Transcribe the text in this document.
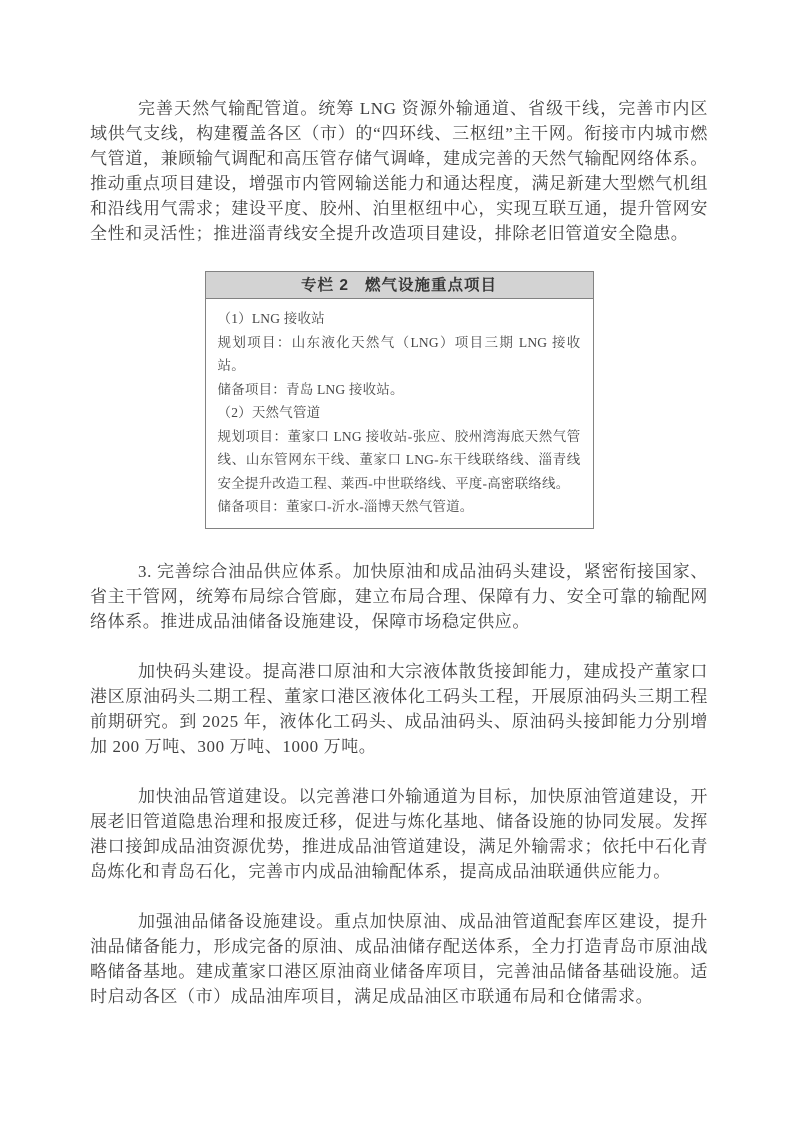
完善天然气输配管道。统筹 LNG 资源外输通道、省级干线，完善市内区域供气支线，构建覆盖各区（市）的“四环线、三枢纽”主干网。衔接市内城市燃气管道，兼顾输气调配和高压管存储气调峰，建成完善的天然气输配网络体系。推动重点项目建设，增强市内管网输送能力和通达程度，满足新建大型燃气机组和沿线用气需求；建设平度、胶州、泊里枢纽中心，实现互联互通，提升管网安全性和灵活性；推进淄青线安全提升改造项目建设，排除老旧管道安全隐患。

专栏 2 燃气设施重点项目

（1）LNG 接收站

规划项目：山东液化天然气（LNG）项目三期 LNG 接收站。

储备项目：青岛 LNG 接收站。

（2）天然气管道

规划项目：董家口 LNG 接收站-张应、胶州湾海底天然气管线、山东管网东干线、董家口 LNG-东干线联络线、淄青线安全提升改造工程、莱西-中世联络线、平度-高密联络线。

储备项目：董家口-沂水-淄博天然气管道。

3. 完善综合油品供应体系。加快原油和成品油码头建设，紧密衔接国家、省主干管网，统筹布局综合管廊，建立布局合理、保障有力、安全可靠的输配网络体系。推进成品油储备设施建设，保障市场稳定供应。

加快码头建设。提高港口原油和大宗液体散货接卸能力，建成投产董家口港区原油码头二期工程、董家口港区液体化工码头工程，开展原油码头三期工程前期研究。到 2025 年，液体化工码头、成品油码头、原油码头接卸能力分别增加 200 万吨、300 万吨、1000 万吨。

加快油品管道建设。以完善港口外输通道为目标，加快原油管道建设，开展老旧管道隐患治理和报废迁移，促进与炼化基地、储备设施的协同发展。发挥港口接卸成品油资源优势，推进成品油管道建设，满足外输需求；依托中石化青岛炼化和青岛石化，完善市内成品油输配体系，提高成品油联通供应能力。

加强油品储备设施建设。重点加快原油、成品油管道配套库区建设，提升油品储备能力，形成完备的原油、成品油储存配送体系，全力打造青岛市原油战略储备基地。建成董家口港区原油商业储备库项目，完善油品储备基础设施。适时启动各区（市）成品油库项目，满足成品油区市联通布局和仓储需求。
